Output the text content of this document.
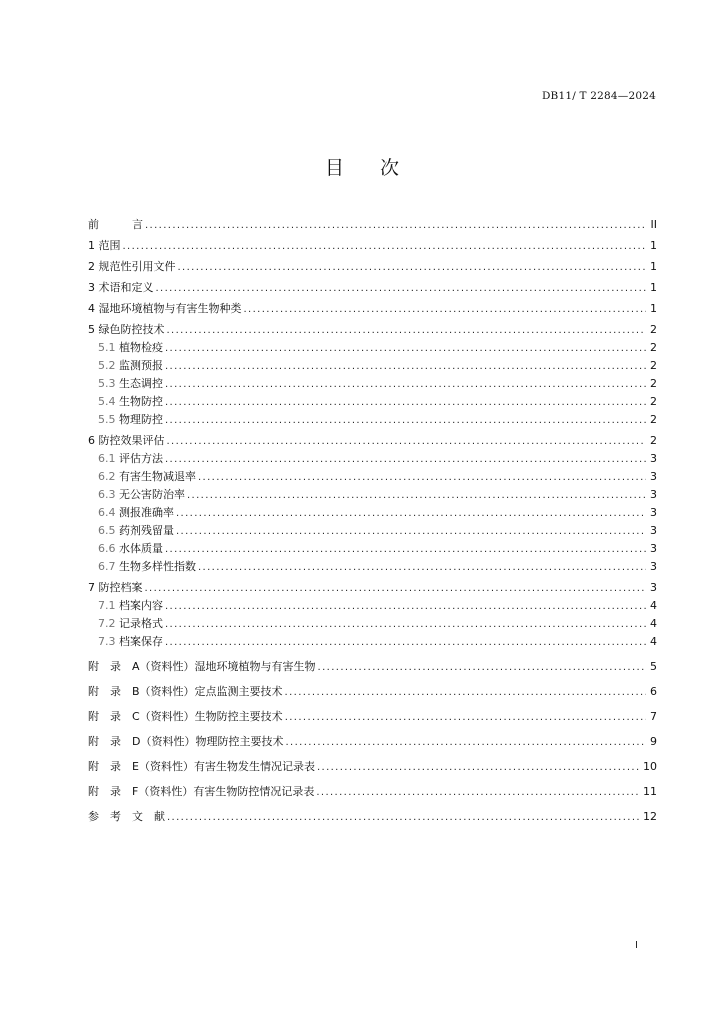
DB11/ T 2284—2024
目 次
前　　　言 . . .	II
1 范围 . . .	1
2 规范性引用文件 . . .	1
3 术语和定义 . . .	1
4 湿地环境植物与有害生物种类 . . .	1
5 绿色防控技术 . . .	2
5.1 植物检疫 . . .	2
5.2 监测预报 . . .	2
5.3 生态调控 . . .	2
5.4 生物防控 . . .	2
5.5 物理防控 . . .	2
6 防控效果评估 . . .	2
6.1 评估方法 . . .	3
6.2 有害生物减退率 . . .	3
6.3 无公害防治率 . . .	3
6.4 测报准确率 . . .	3
6.5 药剂残留量 . . .	3
6.6 水体质量 . . .	3
6.7 生物多样性指数 . . .	3
7 防控档案 . . .	3
7.1 档案内容 . . .	4
7.2 记录格式 . . .	4
7.3 档案保存 . . .	4
附　录　A（资料性）湿地环境植物与有害生物 . . .	5
附　录　B（资料性）定点监测主要技术 . . .	6
附　录　C（资料性）生物防控主要技术 . . .	7
附　录　D（资料性）物理防控主要技术 . . .	9
附　录　E（资料性）有害生物发生情况记录表 . . .	10
附　录　F（资料性）有害生物防控情况记录表 . . .	11
参　考　文　献 . . .	12
I
